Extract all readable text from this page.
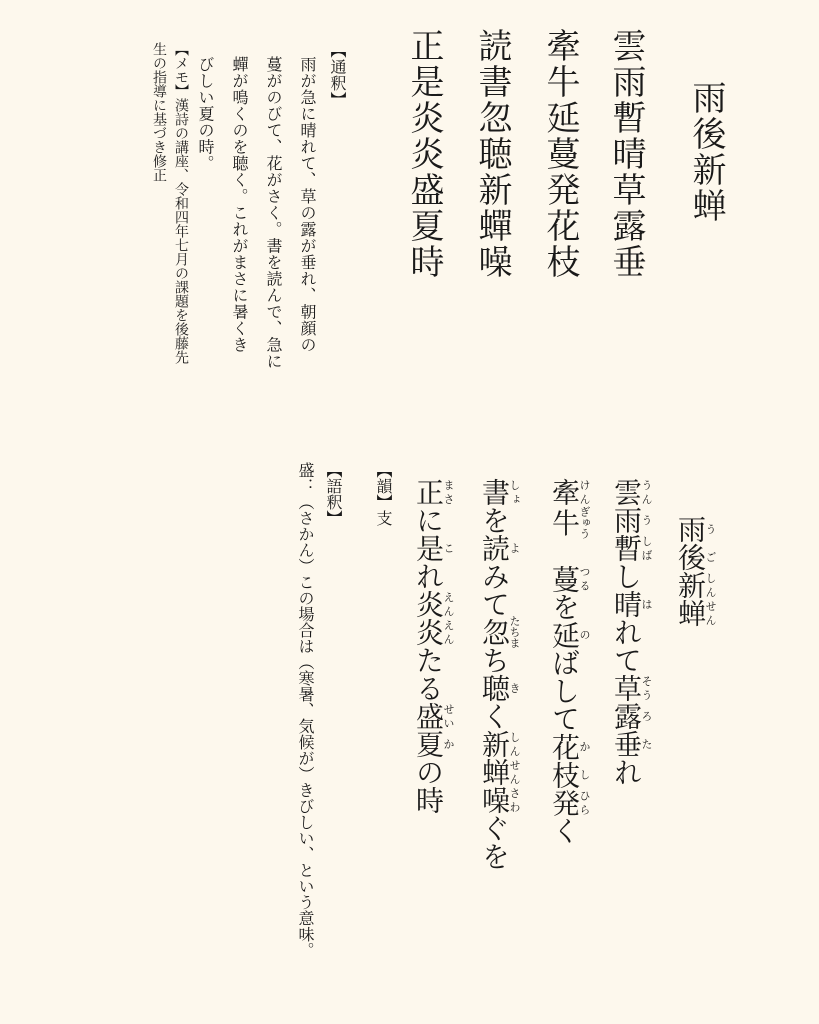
雨後新蝉
雲雨暫晴草露垂
牽牛延蔓発花枝
読書忽聴新蟬噪
正是炎炎盛夏時
【通釈】
雨が急に晴れて、草の露が垂れ、朝顔の
蔓がのびて、花がさく。書を読んで、急に
蟬が鳴くのを聴く。これがまさに暑くき
びしい夏の時。
【メモ】漢詩の講座、令和四年七月の課題を後藤先
生の指導に基づき修正
雨う後ご新しん蝉せん
雲うん雨う暫しばし晴はれて草そう露ろ垂たれ
牽けん牛ぎゅう　蔓つるを延のばして花か枝し発ひらく
書しょを読よみて忽たちまち聴きく新しん蝉せん噪さわぐを
正まさに是これ炎えん炎えんたる盛せい夏かの時
【韻】支
【語釈】
盛：（さかん）この場合は（寒暑、気候が）きびしい、という意味。
